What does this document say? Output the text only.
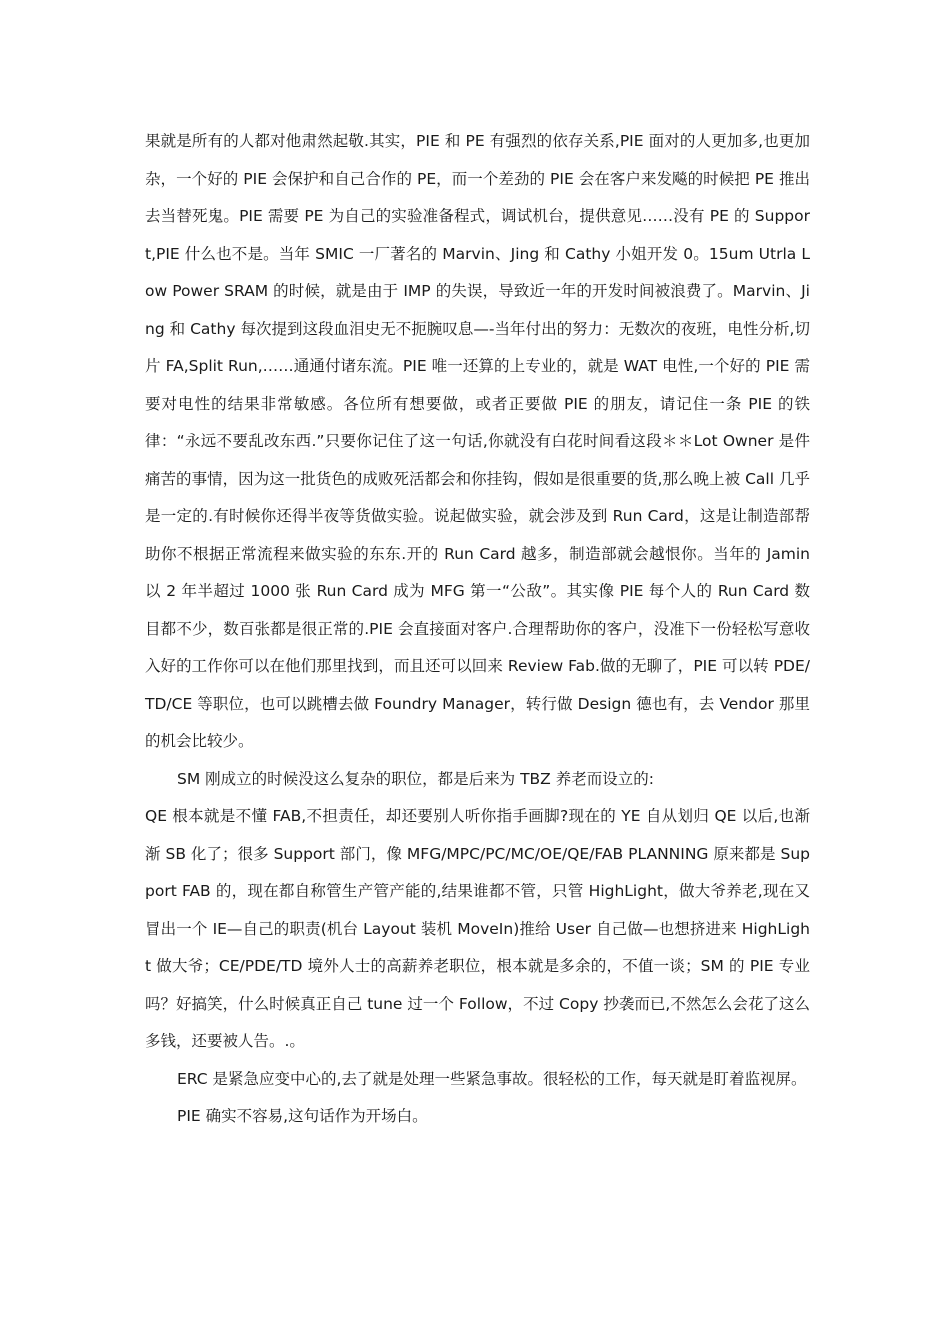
果就是所有的人都对他肃然起敬.其实，PIE 和 PE 有强烈的依存关系,PIE 面对的人更加多,也更加杂，一个好的 PIE 会保护和自己合作的 PE，而一个差劲的 PIE 会在客户来发飚的时候把 PE 推出去当替死鬼。PIE 需要 PE 为自己的实验准备程式，调试机台，提供意见……没有 PE 的 Support,PIE 什么也不是。当年 SMIC 一厂著名的 Marvin、Jing 和 Cathy 小姐开发 0。15um Utrla Low Power SRAM 的时候，就是由于 IMP 的失误，导致近一年的开发时间被浪费了。Marvin、Jing 和 Cathy 每次提到这段血泪史无不扼腕叹息—-当年付出的努力：无数次的夜班，电性分析,切片 FA,Split Run,……通通付诸东流。PIE 唯一还算的上专业的，就是 WAT 电性,一个好的 PIE 需要对电性的结果非常敏感。各位所有想要做，或者正要做 PIE 的朋友，请记住一条 PIE 的铁律：“永远不要乱改东西.”只要你记住了这一句话,你就没有白花时间看这段＊＊Lot Owner 是件痛苦的事情，因为这一批货色的成败死活都会和你挂钩，假如是很重要的货,那么晚上被 Call 几乎是一定的.有时候你还得半夜等货做实验。说起做实验，就会涉及到 Run Card，这是让制造部帮助你不根据正常流程来做实验的东东.开的 Run Card 越多，制造部就会越恨你。当年的 Jamin 以 2 年半超过 1000 张 Run Card 成为 MFG 第一“公敌”。其实像 PIE 每个人的 Run Card 数目都不少，数百张都是很正常的.PIE 会直接面对客户.合理帮助你的客户，没准下一份轻松写意收入好的工作你可以在他们那里找到，而且还可以回来 Review Fab.做的无聊了，PIE 可以转 PDE/TD/CE 等职位，也可以跳槽去做 Foundry Manager，转行做 Design 德也有，去 Vendor 那里的机会比较少。

SM 刚成立的时候没这么复杂的职位，都是后来为 TBZ 养老而设立的:

QE 根本就是不懂 FAB,不担责任，却还要别人听你指手画脚?现在的 YE 自从划归 QE 以后,也渐渐 SB 化了；很多 Support 部门，像 MFG/MPC/PC/MC/OE/QE/FAB PLANNING 原来都是 Support FAB 的，现在都自称管生产管产能的,结果谁都不管，只管 HighLight，做大爷养老,现在又冒出一个 IE—自己的职责(机台 Layout 装机 MoveIn)推给 User 自己做—也想挤进来 HighLight 做大爷；CE/PDE/TD 境外人士的高薪养老职位，根本就是多余的，不值一谈；SM 的 PIE 专业吗？好搞笑，什么时候真正自己 tune 过一个 Follow，不过 Copy 抄袭而已,不然怎么会花了这么多钱，还要被人告。.。

ERC 是紧急应变中心的,去了就是处理一些紧急事故。很轻松的工作，每天就是盯着监视屏。

PIE 确实不容易,这句话作为开场白。
